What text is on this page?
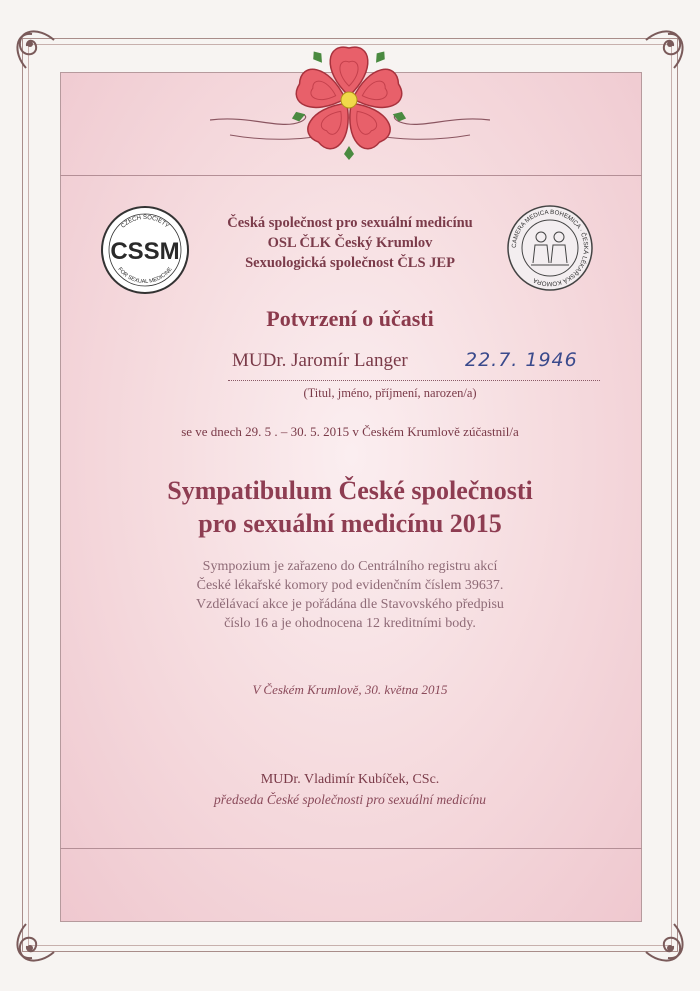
CSSM
CZECH SOCIETY
FOR SEXUAL MEDICINE
CAMERA MEDICA BOHEMICA · ČESKÁ LÉKAŘSKÁ KOMORA
Česká společnost pro sexuální medicínu
OSL ČLK Český Krumlov
Sexuologická společnost ČLS JEP
Potvrzení o účasti
MUDr. Jaromír Langer	22.7. 1946
(Titul, jméno, příjmení, narozen/a)
se ve dnech 29. 5 . – 30. 5. 2015 v Českém Krumlově zúčastnil/a
Sympatibulum České společnosti
pro sexuální medicínu 2015
Sympozium je zařazeno do Centrálního registru akcí
České lékařské komory pod evidenčním číslem 39637.
Vzdělávací akce je pořádána dle Stavovského předpisu
číslo 16 a je ohodnocena 12 kreditními body.
V Českém Krumlově, 30. května 2015
MUDr. Vladimír Kubíček, CSc.
předseda České společnosti pro sexuální medicínu
